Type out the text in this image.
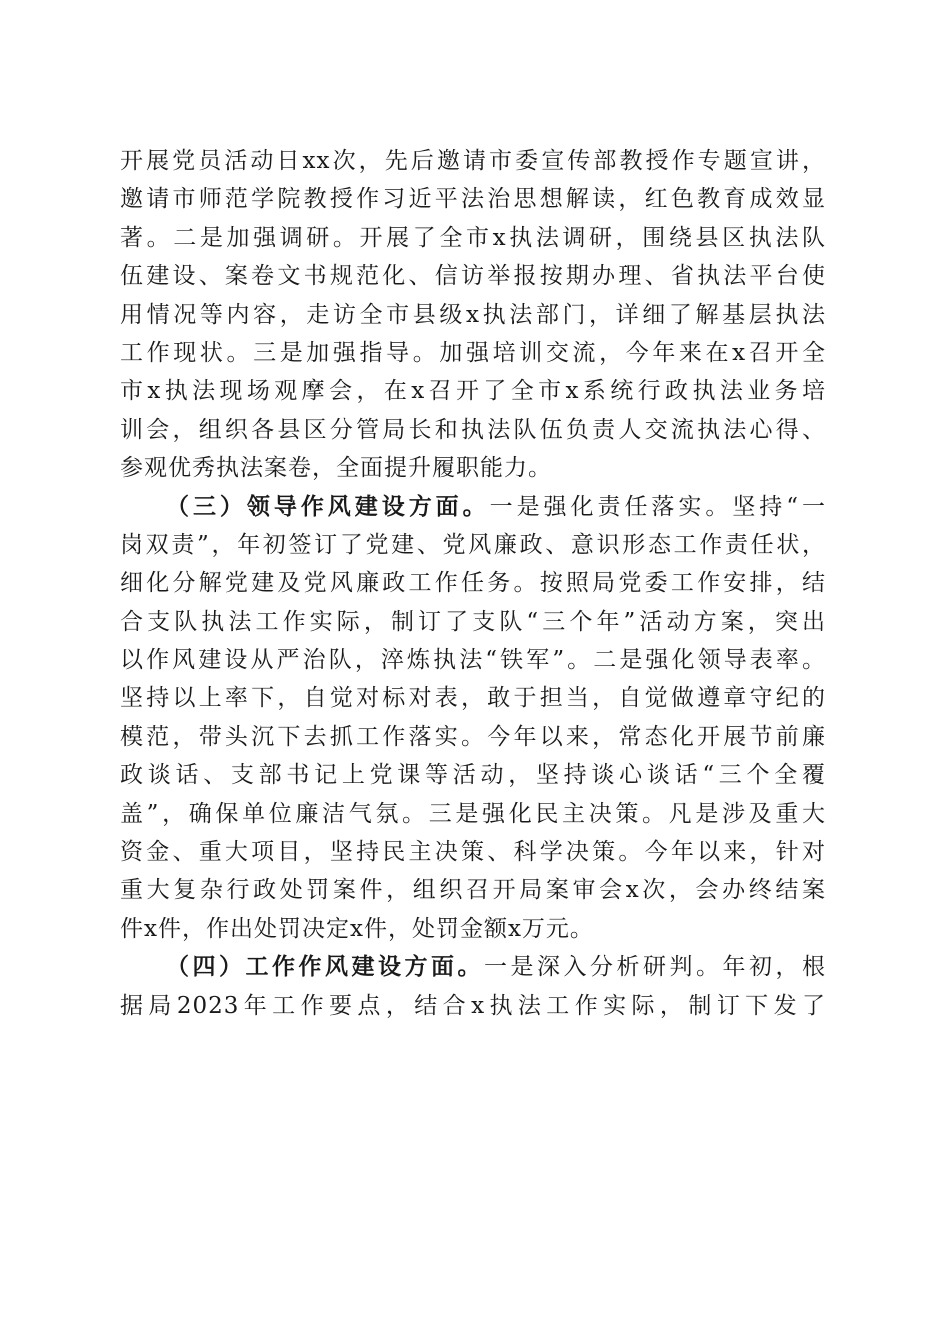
开展党员活动日xx次，先后邀请市委宣传部教授作专题宣讲，
邀请市师范学院教授作习近平法治思想解读，红色教育成效显
著。二是加强调研。开展了全市x执法调研，围绕县区执法队
伍建设、案卷文书规范化、信访举报按期办理、省执法平台使
用情况等内容，走访全市县级x执法部门，详细了解基层执法
工作现状。三是加强指导。加强培训交流，今年来在x召开全
市x执法现场观摩会，在x召开了全市x系统行政执法业务培
训会，组织各县区分管局长和执法队伍负责人交流执法心得、
参观优秀执法案卷，全面提升履职能力。
（三）领导作风建设方面。一是强化责任落实。坚持“一
岗双责”，年初签订了党建、党风廉政、意识形态工作责任状，
细化分解党建及党风廉政工作任务。按照局党委工作安排，结
合支队执法工作实际，制订了支队“三个年”活动方案，突出
以作风建设从严治队，淬炼执法“铁军”。二是强化领导表率。
坚持以上率下，自觉对标对表，敢于担当，自觉做遵章守纪的
模范，带头沉下去抓工作落实。今年以来，常态化开展节前廉
政谈话、支部书记上党课等活动，坚持谈心谈话“三个全覆
盖”，确保单位廉洁气氛。三是强化民主决策。凡是涉及重大
资金、重大项目，坚持民主决策、科学决策。今年以来，针对
重大复杂行政处罚案件，组织召开局案审会x次，会办终结案
件x件，作出处罚决定x件，处罚金额x万元。
（四）工作作风建设方面。一是深入分析研判。年初，根
据局2023年工作要点，结合x执法工作实际，制订下发了
